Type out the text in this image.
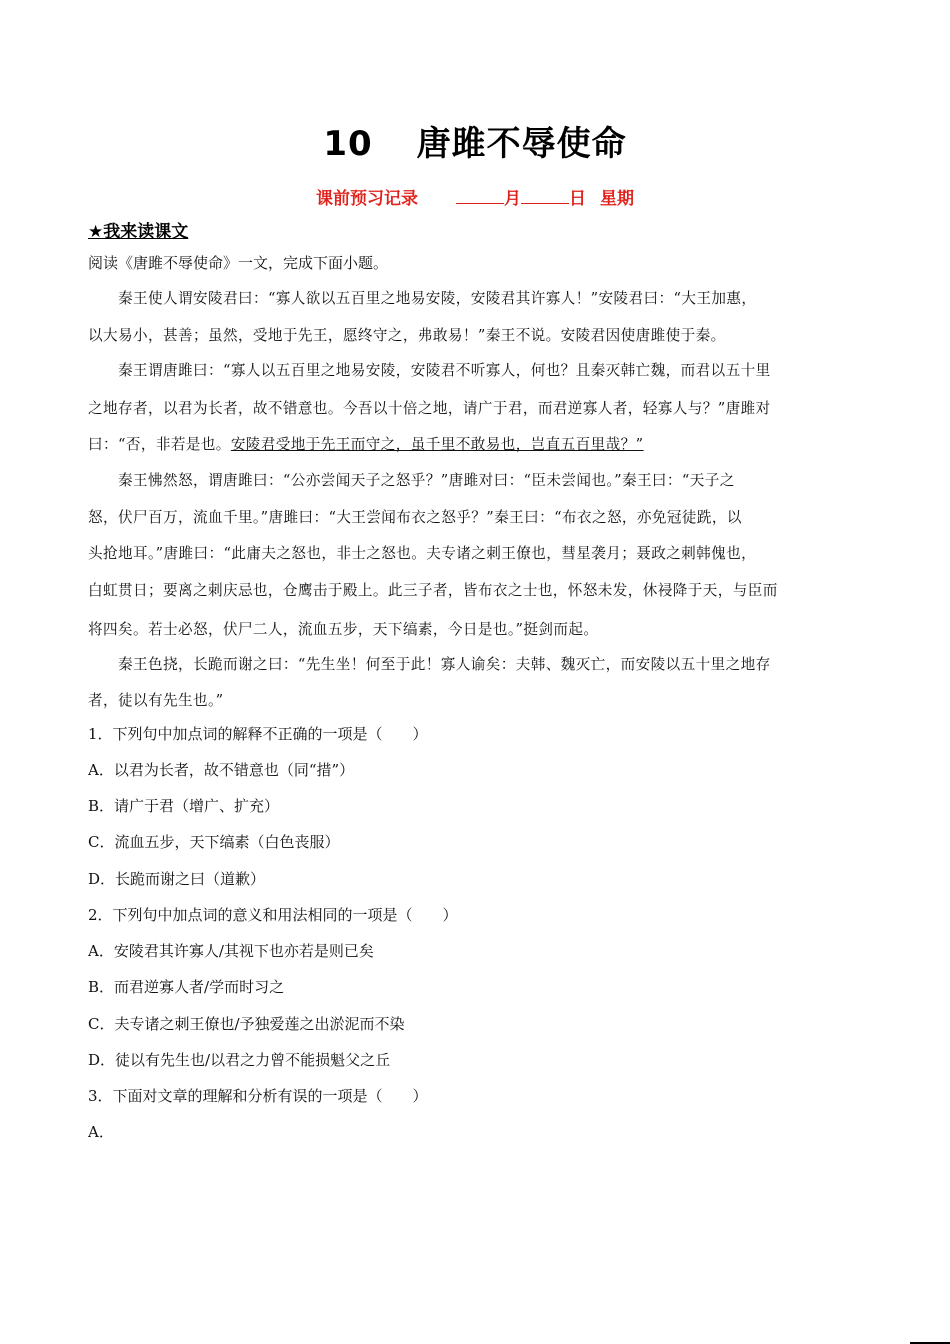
10 唐雎不辱使命
课前预习记录	月	日 星期
★我来读课文
阅读《唐雎不辱使命》一文，完成下面小题。
秦王使人谓安陵君曰：“寡人欲以五百里之地易安陵，安陵君其许寡人！”安陵君曰：“大王加惠，
以大易小，甚善；虽然，受地于先王，愿终守之，弗敢易！”秦王不说。安陵君因使唐雎使于秦。
秦王谓唐雎曰：“寡人以五百里之地易安陵，安陵君不听寡人，何也？且秦灭韩亡魏，而君以五十里
之地存者，以君为长者，故不错意也。今吾以十倍之地，请广于君，而君逆寡人者，轻寡人与？”唐雎对
曰：“否，非若是也。安陵君受地于先王而守之，虽千里不敢易也，岂直五百里哉？”
秦王怫然怒，谓唐雎曰：“公亦尝闻天子之怒乎？”唐雎对曰：“臣未尝闻也。”秦王曰：“天子之
怒，伏尸百万，流血千里。”唐雎曰：“大王尝闻布衣之怒乎？”秦王曰：“布衣之怒，亦免冠徒跣，以
头抢地耳。”唐雎曰：“此庸夫之怒也，非士之怒也。夫专诸之刺王僚也，彗星袭月；聂政之刺韩傀也，
白虹贯日；要离之刺庆忌也，仓鹰击于殿上。此三子者，皆布衣之士也，怀怒未发，休祲降于天，与臣而
将四矣。若士必怒，伏尸二人，流血五步，天下缟素，今日是也。”挺剑而起。
秦王色挠，长跪而谢之曰：“先生坐！何至于此！寡人谕矣：夫韩、魏灭亡，而安陵以五十里之地存
者，徒以有先生也。”
1．下列句中加点词的解释不正确的一项是（　　）
A．以君为长者，故不错意也（同“措”）
B．请广于君（增广、扩充）
C．流血五步，天下缟素（白色丧服）
D．长跪而谢之曰（道歉）
2．下列句中加点词的意义和用法相同的一项是（　　）
A．安陵君其许寡人/其视下也亦若是则已矣
B．而君逆寡人者/学而时习之
C．夫专诸之刺王僚也/予独爱莲之出淤泥而不染
D．徒以有先生也/以君之力曾不能损魁父之丘
3．下面对文章的理解和分析有误的一项是（　　）
A．
